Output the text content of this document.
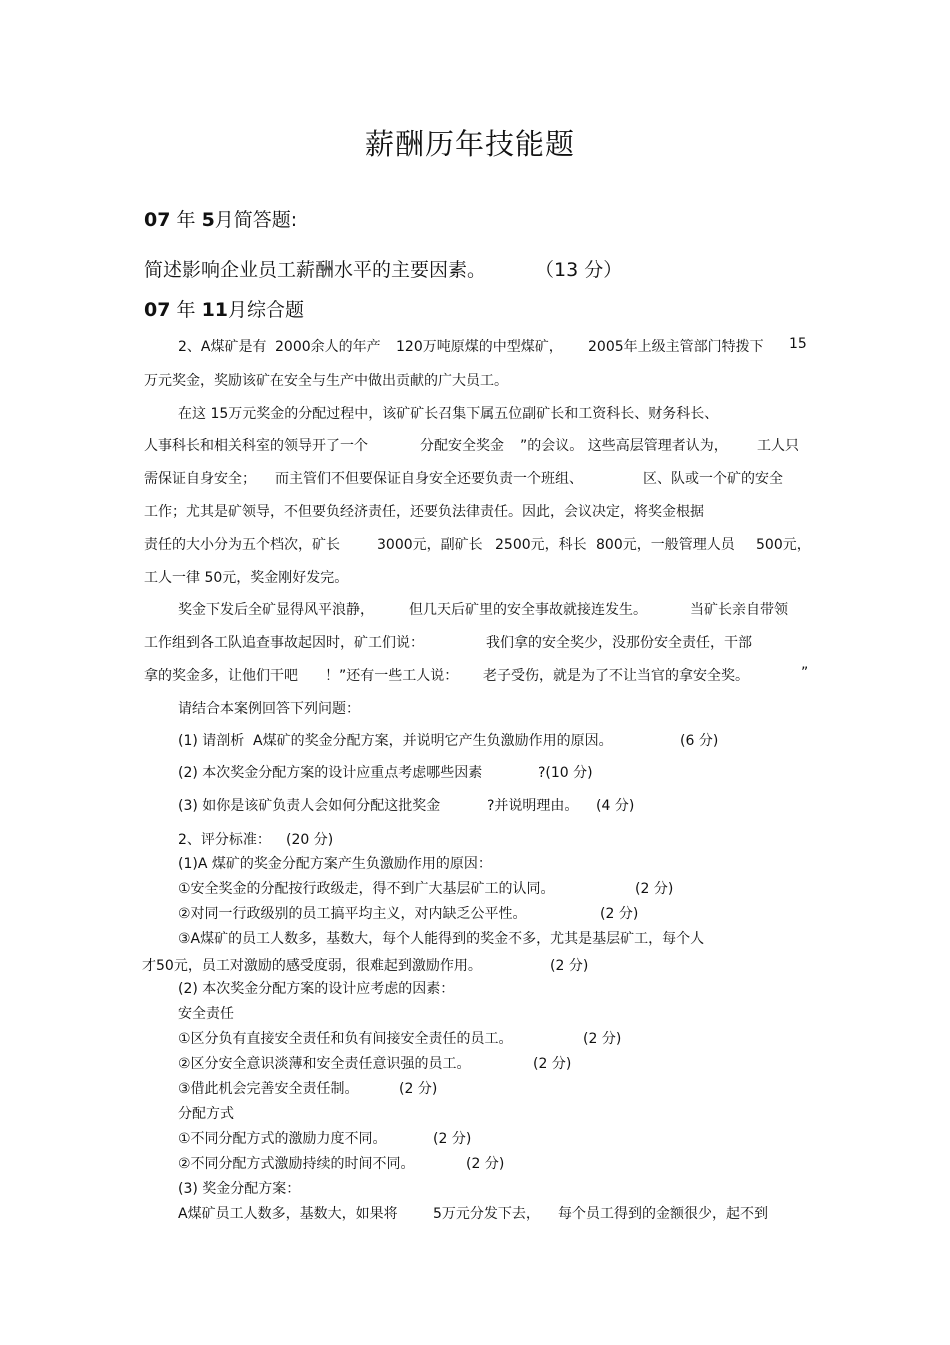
薪酬历年技能题
07 年 5月简答题:
简述影响企业员工薪酬水平的主要因素。	（13 分）
07 年 11月综合题
2、A煤矿是有 2000余人的年产 120万吨原煤的中型煤矿， 2005年上级主管部门特拨下 15
万元奖金，奖励该矿在安全与生产中做出贡献的广大员工。
在这 15万元奖金的分配过程中，该矿矿长召集下属五位副矿长和工资科长、财务科长、
人事科长和相关科室的领导开了一个	分配安全奖金 ”的会议。 这些高层管理者认为， 工人只
需保证自身安全； 而主管们不但要保证自身安全还要负责一个班组、	区、队或一个矿的安全
工作；尤其是矿领导，不但要负经济责任，还要负法律责任。因此，会议决定，将奖金根据
责任的大小分为五个档次，矿长	3000元，副矿长 2500元，科长 800元，一般管理人员 500元，
工人一律 50元，奖金刚好发完。
奖金下发后全矿显得风平浪静，	但几天后矿里的安全事故就接连发生。	当矿长亲自带领
工作组到各工队追查事故起因时，矿工们说：	我们拿的安全奖少，没那份安全责任，干部
拿的奖金多，让他们干吧 ！”还有一些工人说： 老子受伤，就是为了不让当官的拿安全奖。	”
请结合本案例回答下列问题：
(1) 请剖析 A煤矿的奖金分配方案，并说明它产生负激励作用的原因。	(6 分)
(2) 本次奖金分配方案的设计应重点考虑哪些因素	?(10 分)
(3) 如你是该矿负责人会如何分配这批奖金	?并说明理由。 (4 分)
2、评分标准： (20 分)
(1)A 煤矿的奖金分配方案产生负激励作用的原因：
①安全奖金的分配按行政级走，得不到广大基层矿工的认同。	(2 分)
②对同一行政级别的员工搞平均主义，对内缺乏公平性。	(2 分)
③A煤矿的员工人数多，基数大，每个人能得到的奖金不多，尤其是基层矿工，每个人
才50元，员工对激励的感受度弱，很难起到激励作用。	(2 分)
(2) 本次奖金分配方案的设计应考虑的因素：
安全责任
①区分负有直接安全责任和负有间接安全责任的员工。	(2 分)
②区分安全意识淡薄和安全责任意识强的员工。	(2 分)
③借此机会完善安全责任制。	(2 分)
分配方式
①不同分配方式的激励力度不同。	(2 分)
②不同分配方式激励持续的时间不同。	(2 分)
(3) 奖金分配方案：
A煤矿员工人数多，基数大，如果将	5万元分发下去， 每个员工得到的金额很少，起不到
